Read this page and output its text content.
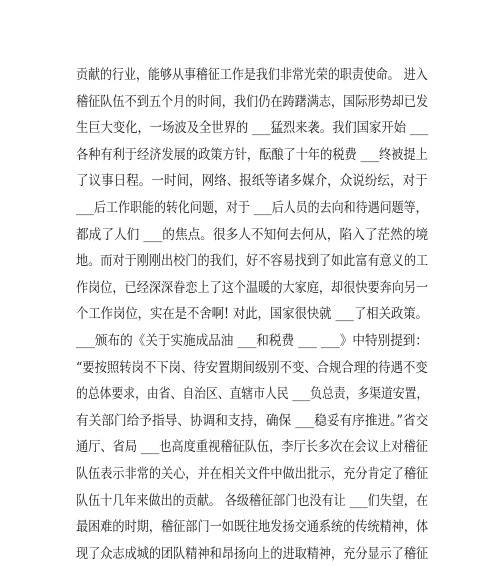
贡献的行业，能够从事稽征工作是我们非常光荣的职责使命。 进入
稽征队伍不到五个月的时间，我们仍在踌躇满志，国际形势却已发
生巨大变化，一场波及全世界的 ___猛烈来袭。我们国家开始 ___
各种有利于经济发展的政策方针，酝酿了十年的税费 ___终被提上
了议事日程。一时间，网络、报纸等诸多媒介，众说纷纭，对于
___后工作职能的转化问题，对于 ___后人员的去向和待遇问题等，
都成了人们 ___的焦点。很多人不知何去何从，陷入了茫然的境
地。而对于刚刚出校门的我们，好不容易找到了如此富有意义的工
作岗位，已经深深眷恋上了这个温暖的大家庭，却很快要奔向另一
个工作岗位，实在是不舍啊! 对此，国家很快就 ___了相关政策。
___颁布的《关于实施成品油 ___和税费 ___ ___》中特别提到：
“要按照转岗不下岗、待安置期间级别不变、合规合理的待遇不变
的总体要求，由省、自治区、直辖市人民 ___负总责，多渠道安置，
有关部门给予指导、协调和支持，确保 ___稳妥有序推进。”省交
通厅、省局 ___也高度重视稽征队伍，李厅长多次在会议上对稽征
队伍表示非常的关心，并在相关文件中做出批示，充分肯定了稽征
队伍十几年来做出的贡献。 各级稽征部门也没有让 ___们失望，在
最困难的时期，稽征部门一如既往地发扬交通系统的传统精神，体
现了众志成城的团队精神和昂扬向上的进取精神，充分显示了稽征
